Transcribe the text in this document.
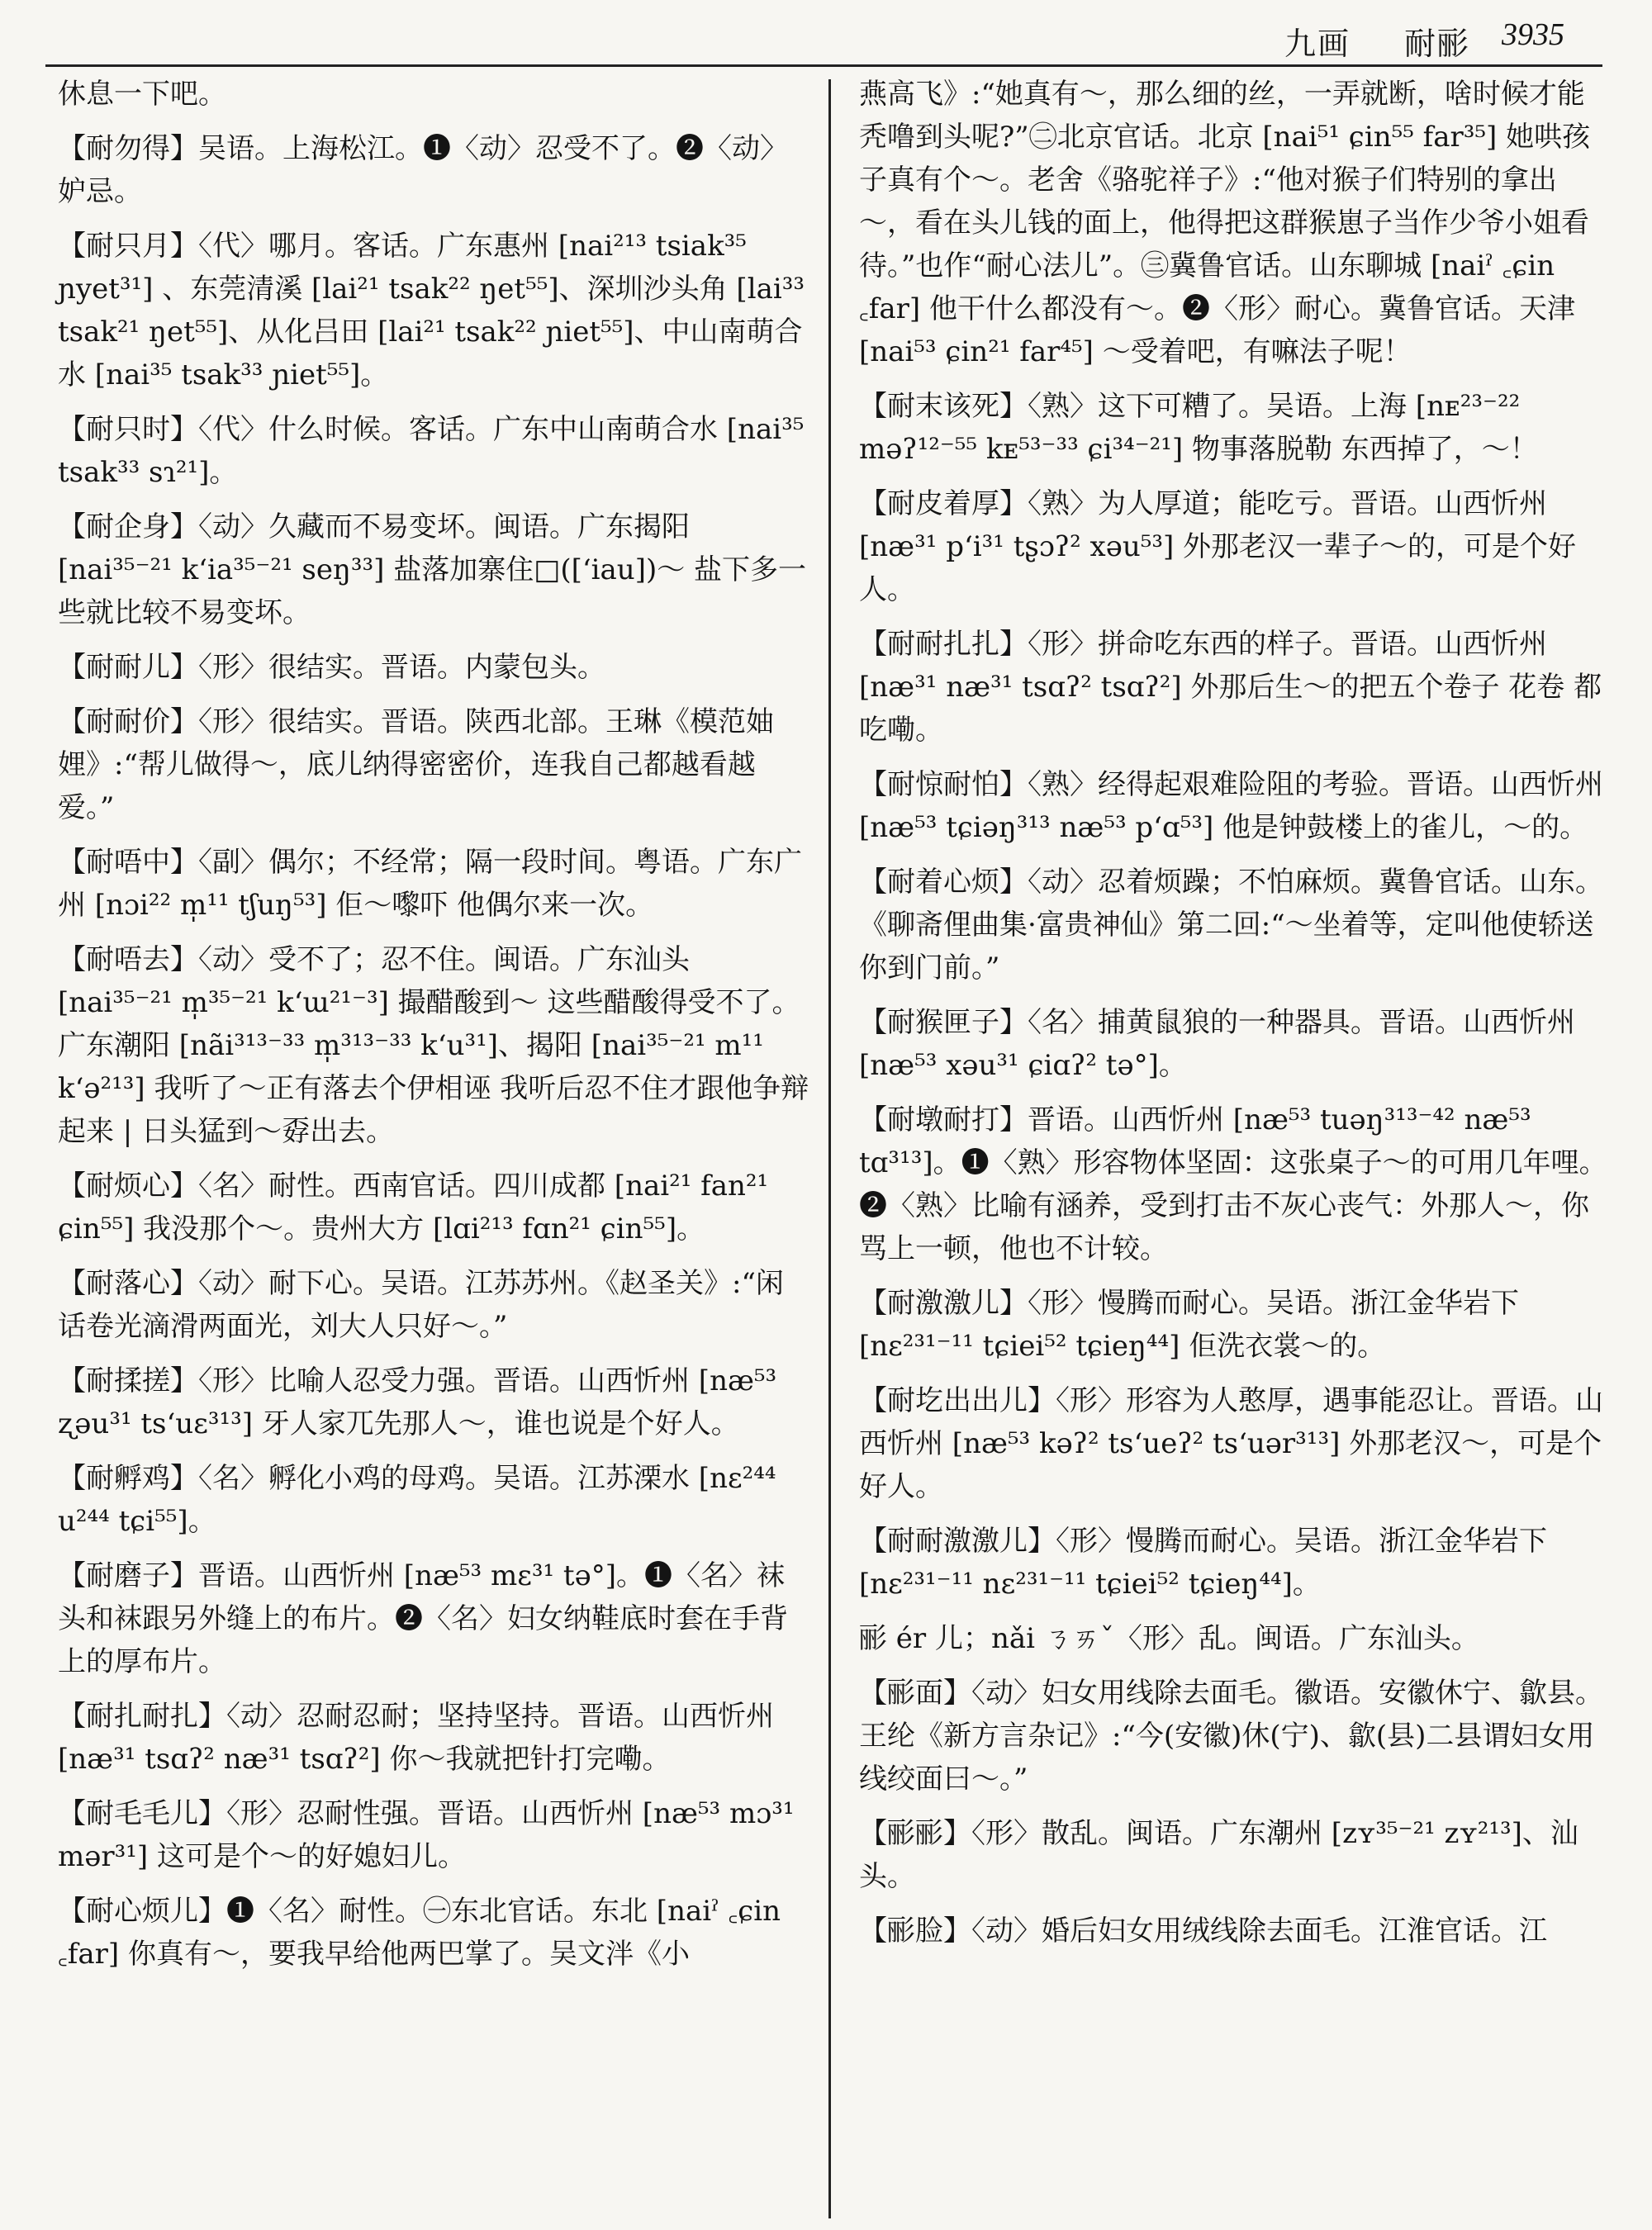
九画 耐彨 3935

休息一下吧。

【耐勿得】吴语。上海松江。❶〈动〉忍受不了。❷〈动〉妒忌。

【耐只月】〈代〉哪月。客话。广东惠州 [nai²¹³ tsiak³⁵ ɲyet³¹] 、东莞清溪 [lai²¹ tsak²² ŋet⁵⁵]、深圳沙头角 [lai³³ tsak²¹ ŋet⁵⁵]、从化吕田 [lai²¹ tsak²² ɲiet⁵⁵]、中山南萌合水 [nai³⁵ tsak³³ ɲiet⁵⁵]。

【耐只时】〈代〉什么时候。客话。广东中山南萌合水 [nai³⁵ tsak³³ sɿ²¹]。

【耐企身】〈动〉久藏而不易变坏。闽语。广东揭阳 [nai³⁵⁻²¹ kʻia³⁵⁻²¹ seŋ³³] 盐落加寨住□([ʻiau])～ 盐下多一些就比较不易变坏。

【耐耐儿】〈形〉很结实。晋语。内蒙包头。

【耐耐价】〈形〉很结实。晋语。陕西北部。王琳《模范妯娌》:“帮儿做得～，底儿纳得密密价，连我自己都越看越爱。”

【耐唔中】〈副〉偶尔；不经常；隔一段时间。粤语。广东广州 [nɔi²² m̩¹¹ tʃuŋ⁵³] 佢～嚟吓 他偶尔来一次。

【耐唔去】〈动〉受不了；忍不住。闽语。广东汕头 [nai³⁵⁻²¹ m̩³⁵⁻²¹ kʻɯ²¹⁻³] 撮醋酸到～ 这些醋酸得受不了。广东潮阳 [nãi³¹³⁻³³ m̩³¹³⁻³³ kʻu³¹]、揭阳 [nai³⁵⁻²¹ m¹¹ kʻə²¹³] 我听了～正有落去个伊相诬 我听后忍不住才跟他争辩起来 | 日头猛到～孬出去。

【耐烦心】〈名〉耐性。西南官话。四川成都 [nai²¹ fan²¹ ɕin⁵⁵] 我没那个～。贵州大方 [lɑi²¹³ fɑn²¹ ɕin⁵⁵]。

【耐落心】〈动〉耐下心。吴语。江苏苏州。《赵圣关》:“闲话卷光滴滑两面光，刘大人只好～。”

【耐揉搓】〈形〉比喻人忍受力强。晋语。山西忻州 [næ⁵³ ʐəu³¹ tsʻuɛ³¹³] 牙人家兀先那人～，谁也说是个好人。

【耐孵鸡】〈名〉孵化小鸡的母鸡。吴语。江苏溧水 [nɛ²⁴⁴ u²⁴⁴ tɕi⁵⁵]。

【耐磨子】晋语。山西忻州 [næ⁵³ mɛ³¹ tə°]。❶〈名〉袜头和袜跟另外缝上的布片。❷〈名〉妇女纳鞋底时套在手背上的厚布片。

【耐扎耐扎】〈动〉忍耐忍耐；坚持坚持。晋语。山西忻州 [næ³¹ tsɑʔ² næ³¹ tsɑʔ²] 你～我就把针打完嘞。

【耐毛毛儿】〈形〉忍耐性强。晋语。山西忻州 [næ⁵³ mɔ³¹ mər³¹] 这可是个～的好媳妇儿。

【耐心烦儿】❶〈名〉耐性。㊀东北官话。东北 [naiˀ ꜀ɕin ꜀far] 你真有～，要我早给他两巴掌了。吴文泮《小

燕高飞》:“她真有～，那么细的丝，一弄就断，啥时候才能秃噜到头呢?”㊁北京官话。北京 [nai⁵¹ ɕin⁵⁵ far³⁵] 她哄孩子真有个～。老舍《骆驼祥子》:“他对猴子们特别的拿出～，看在头儿钱的面上，他得把这群猴崽子当作少爷小姐看待。”也作“耐心法儿”。㊂冀鲁官话。山东聊城 [naiˀ ꜀ɕin ꜀far] 他干什么都没有～。❷〈形〉耐心。冀鲁官话。天津 [nai⁵³ ɕin²¹ far⁴⁵] ～受着吧，有嘛法子呢！

【耐末该死】〈熟〉这下可糟了。吴语。上海 [nᴇ²³⁻²² məʔ¹²⁻⁵⁵ kᴇ⁵³⁻³³ ɕi³⁴⁻²¹] 物事落脱勒 东西掉了，～！

【耐皮着厚】〈熟〉为人厚道；能吃亏。晋语。山西忻州 [næ³¹ pʻi³¹ tʂɔʔ² xəu⁵³] 外那老汉一辈子～的，可是个好人。

【耐耐扎扎】〈形〉拼命吃东西的样子。晋语。山西忻州 [næ³¹ næ³¹ tsɑʔ² tsɑʔ²] 外那后生～的把五个卷子 花卷 都吃嘞。

【耐惊耐怕】〈熟〉经得起艰难险阻的考验。晋语。山西忻州 [næ⁵³ tɕiəŋ³¹³ næ⁵³ pʻɑ⁵³] 他是钟鼓楼上的雀儿，～的。

【耐着心烦】〈动〉忍着烦躁；不怕麻烦。冀鲁官话。山东。《聊斋俚曲集·富贵神仙》第二回:“～坐着等，定叫他使轿送你到门前。”

【耐猴匣子】〈名〉捕黄鼠狼的一种器具。晋语。山西忻州 [næ⁵³ xəu³¹ ɕiɑʔ² tə°]。

【耐墩耐打】晋语。山西忻州 [næ⁵³ tuəŋ³¹³⁻⁴² næ⁵³ tɑ³¹³]。❶〈熟〉形容物体坚固：这张桌子～的可用几年哩。❷〈熟〉比喻有涵养，受到打击不灰心丧气：外那人～，你骂上一顿，他也不计较。

【耐激激儿】〈形〉慢腾而耐心。吴语。浙江金华岩下 [nɛ²³¹⁻¹¹ tɕiei⁵² tɕieŋ⁴⁴] 佢洗衣裳～的。

【耐圪出出儿】〈形〉形容为人憨厚，遇事能忍让。晋语。山西忻州 [næ⁵³ kəʔ² tsʻueʔ² tsʻuər³¹³] 外那老汉～，可是个好人。

【耐耐激激儿】〈形〉慢腾而耐心。吴语。浙江金华岩下 [nɛ²³¹⁻¹¹ nɛ²³¹⁻¹¹ tɕiei⁵² tɕieŋ⁴⁴]。

彨 ér 儿；nǎi ㄋㄞˇ〈形〉乱。闽语。广东汕头。

【彨面】〈动〉妇女用线除去面毛。徽语。安徽休宁、歙县。王纶《新方言杂记》:“今(安徽)休(宁)、歙(县)二县谓妇女用线绞面曰～。”

【彨彨】〈形〉散乱。闽语。广东潮州 [zʏ³⁵⁻²¹ zʏ²¹³]、汕头。

【彨脸】〈动〉婚后妇女用绒线除去面毛。江淮官话。江
